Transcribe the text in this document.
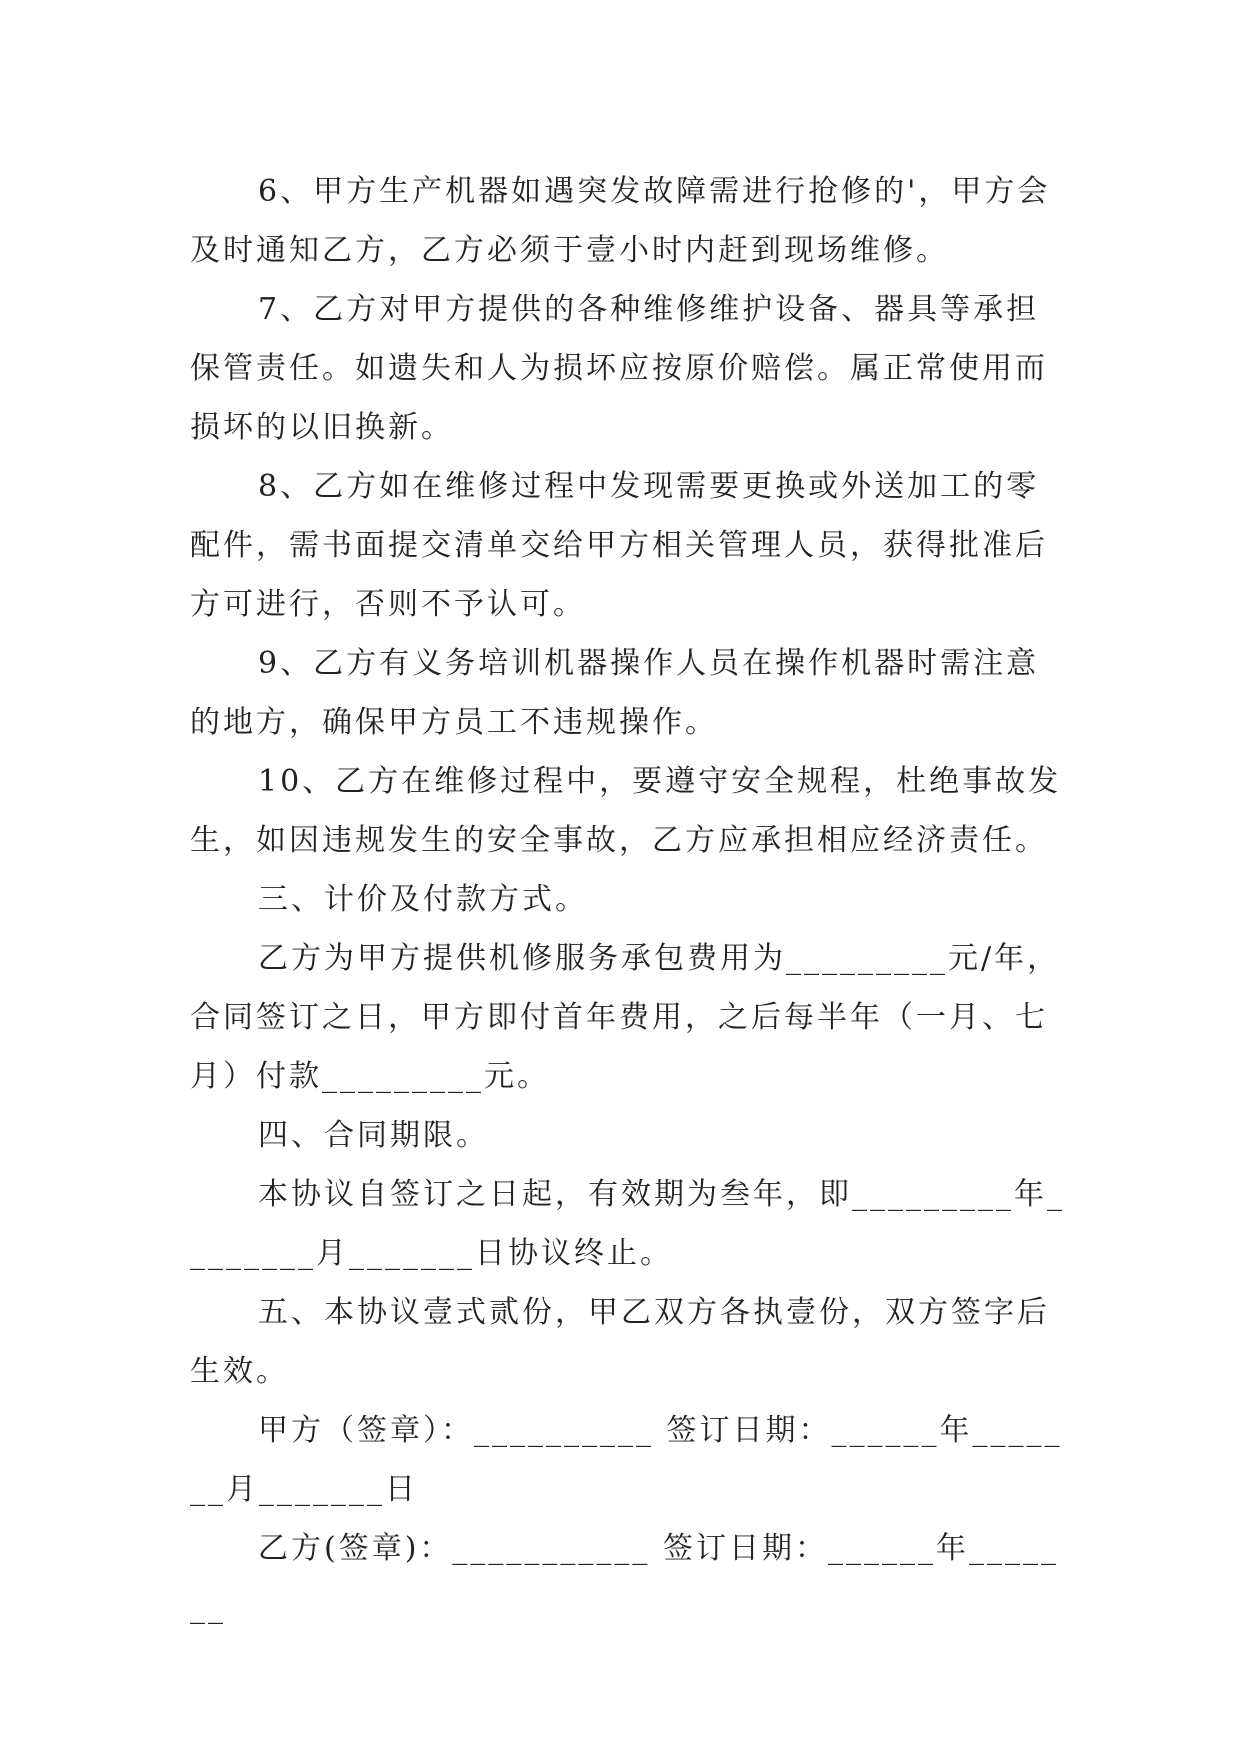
6、甲方生产机器如遇突发故障需进行抢修的'，甲方会及时通知乙方，乙方必须于壹小时内赶到现场维修。

7、乙方对甲方提供的各种维修维护设备、器具等承担保管责任。如遗失和人为损坏应按原价赔偿。属正常使用而损坏的以旧换新。

8、乙方如在维修过程中发现需要更换或外送加工的零配件，需书面提交清单交给甲方相关管理人员，获得批准后方可进行，否则不予认可。

9、乙方有义务培训机器操作人员在操作机器时需注意的地方，确保甲方员工不违规操作。

10、乙方在维修过程中，要遵守安全规程，杜绝事故发生，如因违规发生的安全事故，乙方应承担相应经济责任。

三、计价及付款方式。

乙方为甲方提供机修服务承包费用为_________元/年，合同签订之日，甲方即付首年费用，之后每半年（一月、七月）付款_________元。

四、合同期限。

本协议自签订之日起，有效期为叁年，即_________年________月_______日协议终止。

五、本协议壹式贰份，甲乙双方各执壹份，双方签字后生效。

甲方（签章）：__________ 签订日期：______年_______月_______日

乙方(签章)：___________ 签订日期：______年_______
